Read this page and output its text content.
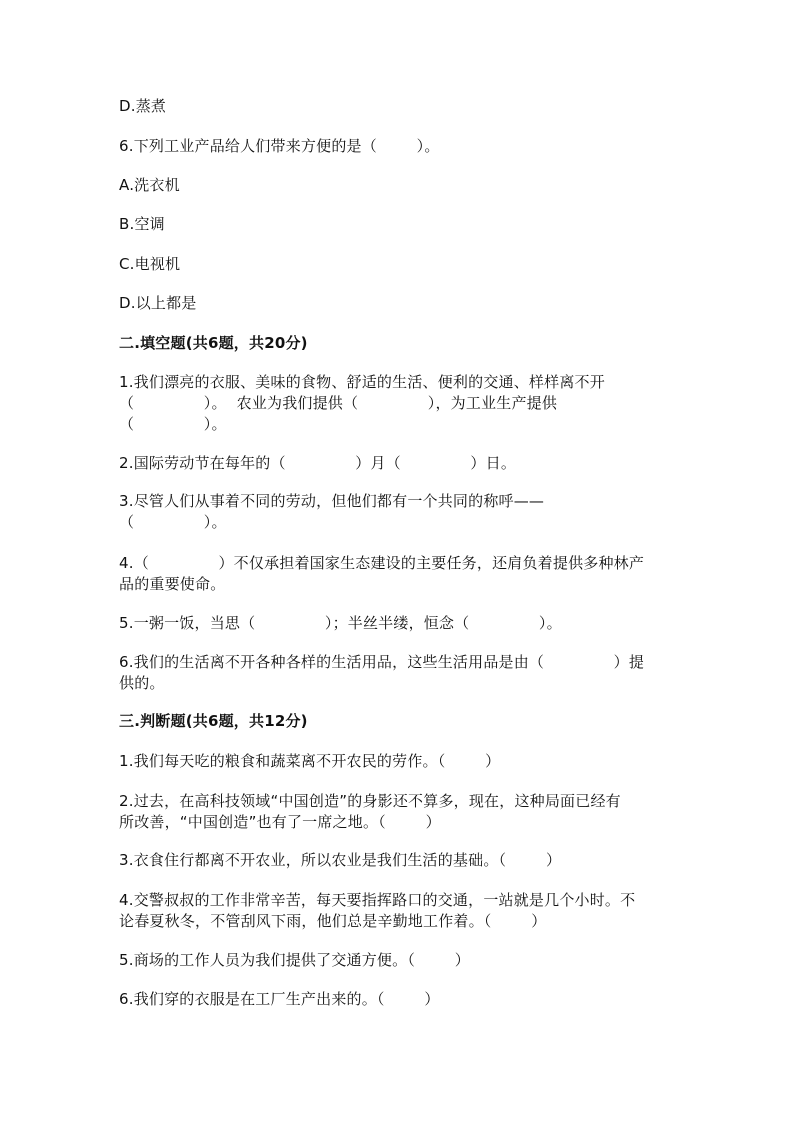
D.蒸煮
6.下列工业产品给人们带来方便的是（        ）。
A.洗衣机
B.空调
C.电视机
D.以上都是
二.填空题(共6题，共20分)
1.我们漂亮的衣服、美味的食物、舒适的生活、便利的交通、样样离不开
（              ）。  农业为我们提供（              ），为工业生产提供
（              ）。
2.国际劳动节在每年的（              ）月（              ）日。
3.尽管人们从事着不同的劳动，但他们都有一个共同的称呼——
（              ）。
4.（              ）不仅承担着国家生态建设的主要任务，还肩负着提供多种林产
品的重要使命。
5.一粥一饭，当思（              ）；半丝半缕，恒念（              ）。
6.我们的生活离不开各种各样的生活用品，这些生活用品是由（              ）提
供的。
三.判断题(共6题，共12分)
1.我们每天吃的粮食和蔬菜离不开农民的劳作。（        ）
2.过去，在高科技领域“中国创造”的身影还不算多，现在，这种局面已经有
所改善，“中国创造”也有了一席之地。（        ）
3.衣食住行都离不开农业，所以农业是我们生活的基础。（        ）
4.交警叔叔的工作非常辛苦，每天要指挥路口的交通，一站就是几个小时。不
论春夏秋冬，不管刮风下雨，他们总是辛勤地工作着。（        ）
5.商场的工作人员为我们提供了交通方便。（        ）
6.我们穿的衣服是在工厂生产出来的。（        ）
